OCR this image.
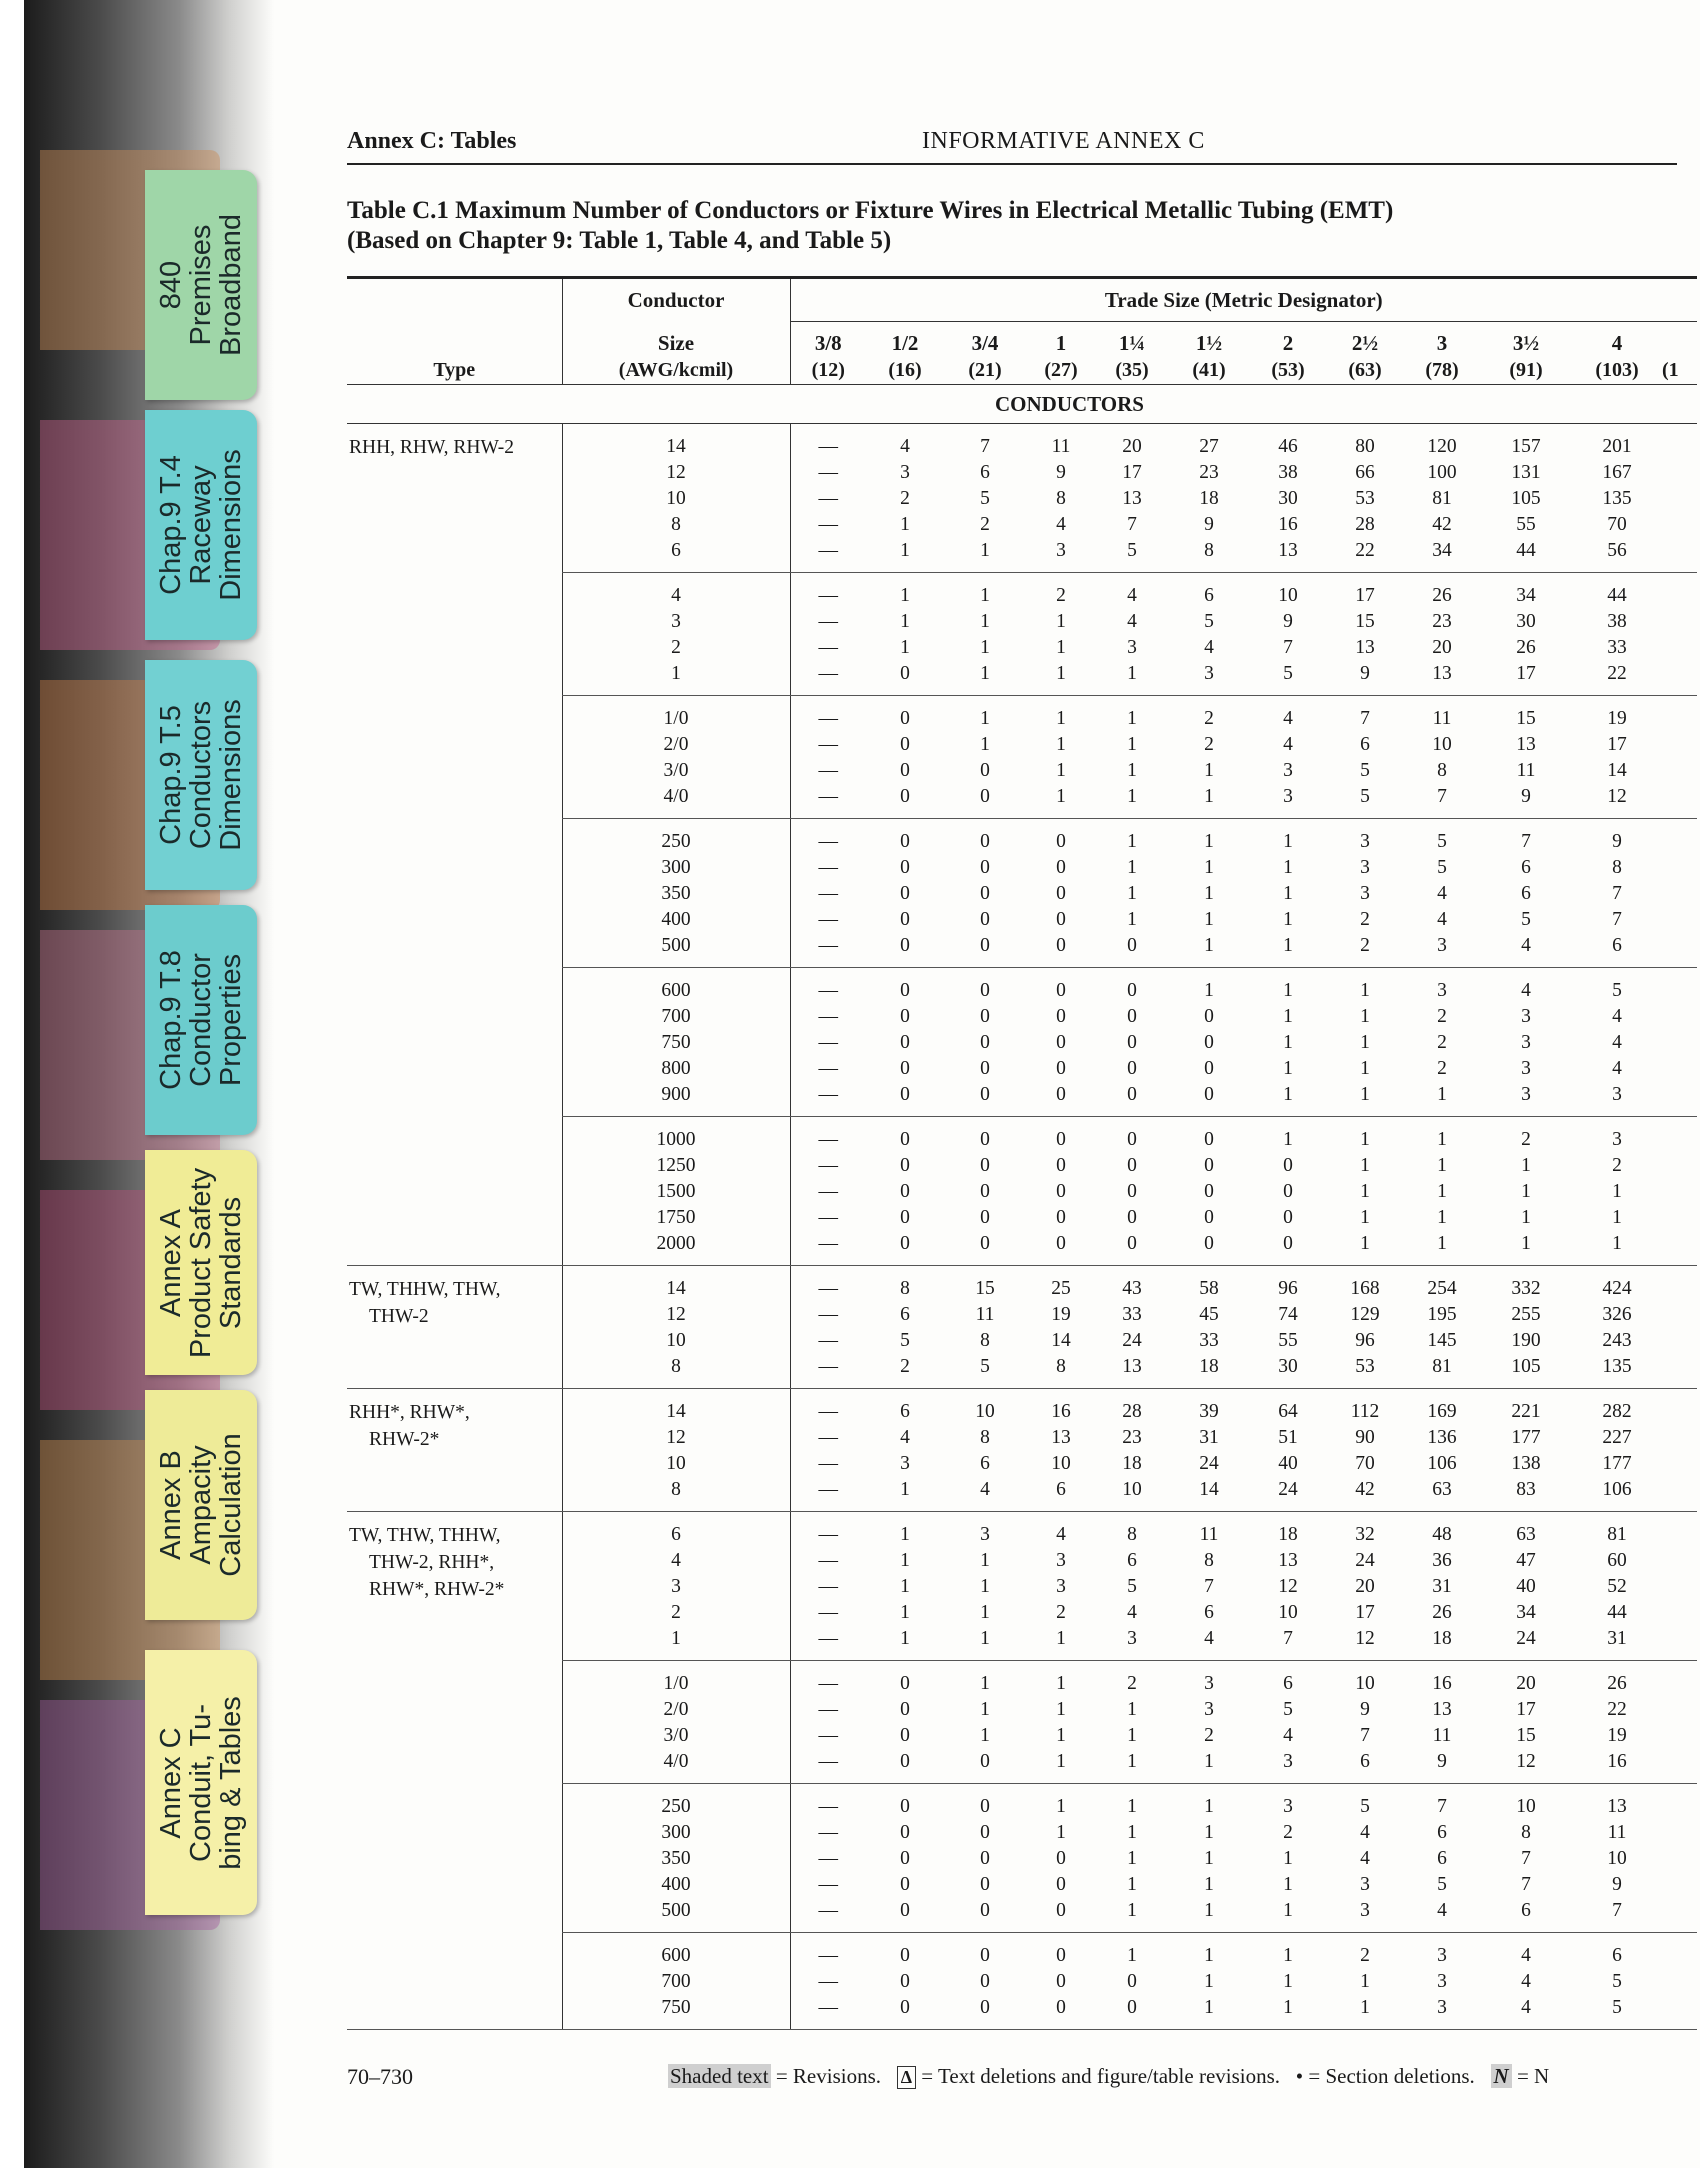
840
Premises
Broadband
Chap.9 T.4
Raceway
Dimensions
Chap.9 T.5
Conductors
Dimensions
Chap.9 T.8
Conductor
Properties
Annex A
Product Safety
Standards
Annex B
Ampacity
Calculation
Annex C
Conduit, Tu-
bing & Tables
Annex C: Tables	INFORMATIVE ANNEX C
Table C.1 Maximum Number of Conductors or Fixture Wires in Electrical Metallic Tubing (EMT)
(Based on Chapter 9: Table 1, Table 4, and Table 5)
	Conductor	Trade Size (Metric Designator)											
	Size	3/8	1/2	3/4	1	1¼	1½	2	2½	3	3½	4	
Type	(AWG/kcmil)	(12)	(16)	(21)	(27)	(35)	(41)	(53)	(63)	(78)	(91)	(103)	(1
	CONDUCTORS												

RHH, RHW, RHW-2	14	—	4	7	11	20	27	46	80	120	157	201	
	12	—	3	6	9	17	23	38	66	100	131	167	
	10	—	2	5	8	13	18	30	53	81	105	135	
	8	—	1	2	4	7	9	16	28	42	55	70	
	6	—	1	1	3	5	8	13	22	34	44	56	
	4	—	1	1	2	4	6	10	17	26	34	44	
	3	—	1	1	1	4	5	9	15	23	30	38	
	2	—	1	1	1	3	4	7	13	20	26	33	
	1	—	0	1	1	1	3	5	9	13	17	22	
	1/0	—	0	1	1	1	2	4	7	11	15	19	
	2/0	—	0	1	1	1	2	4	6	10	13	17	
	3/0	—	0	0	1	1	1	3	5	8	11	14	
	4/0	—	0	0	1	1	1	3	5	7	9	12	
	250	—	0	0	0	1	1	1	3	5	7	9	
	300	—	0	0	0	1	1	1	3	5	6	8	
	350	—	0	0	0	1	1	1	3	4	6	7	
	400	—	0	0	0	1	1	1	2	4	5	7	
	500	—	0	0	0	0	1	1	2	3	4	6	
	600	—	0	0	0	0	1	1	1	3	4	5	
	700	—	0	0	0	0	0	1	1	2	3	4	
	750	—	0	0	0	0	0	1	1	2	3	4	
	800	—	0	0	0	0	0	1	1	2	3	4	
	900	—	0	0	0	0	0	1	1	1	3	3	
	1000	—	0	0	0	0	0	1	1	1	2	3	
	1250	—	0	0	0	0	0	0	1	1	1	2	
	1500	—	0	0	0	0	0	0	1	1	1	1	
	1750	—	0	0	0	0	0	0	1	1	1	1	
	2000	—	0	0	0	0	0	0	1	1	1	1	

TW, THHW, THW,
THW-2	14	—	8	15	25	43	58	96	168	254	332	424	
	12	—	6	11	19	33	45	74	129	195	255	326	
	10	—	5	8	14	24	33	55	96	145	190	243	
	8	—	2	5	8	13	18	30	53	81	105	135	

RHH*, RHW*,
RHW-2*	14	—	6	10	16	28	39	64	112	169	221	282	
	12	—	4	8	13	23	31	51	90	136	177	227	
	10	—	3	6	10	18	24	40	70	106	138	177	
	8	—	1	4	6	10	14	24	42	63	83	106	

TW, THW, THHW,
THW-2, RHH*,
RHW*, RHW-2*	6	—	1	3	4	8	11	18	32	48	63	81	
	4	—	1	1	3	6	8	13	24	36	47	60	
	3	—	1	1	3	5	7	12	20	31	40	52	
	2	—	1	1	2	4	6	10	17	26	34	44	
	1	—	1	1	1	3	4	7	12	18	24	31	
	1/0	—	0	1	1	2	3	6	10	16	20	26	
	2/0	—	0	1	1	1	3	5	9	13	17	22	
	3/0	—	0	1	1	1	2	4	7	11	15	19	
	4/0	—	0	0	1	1	1	3	6	9	12	16	
	250	—	0	0	1	1	1	3	5	7	10	13	
	300	—	0	0	1	1	1	2	4	6	8	11	
	350	—	0	0	0	1	1	1	4	6	7	10	
	400	—	0	0	0	1	1	1	3	5	7	9	
	500	—	0	0	0	1	1	1	3	4	6	7	
	600	—	0	0	0	1	1	1	2	3	4	6	
	700	—	0	0	0	0	1	1	1	3	4	5	
	750	—	0	0	0	0	1	1	1	3	4	5	
70–730	Shaded text = Revisions. Δ = Text deletions and figure/table revisions. • = Section deletions. N = N
